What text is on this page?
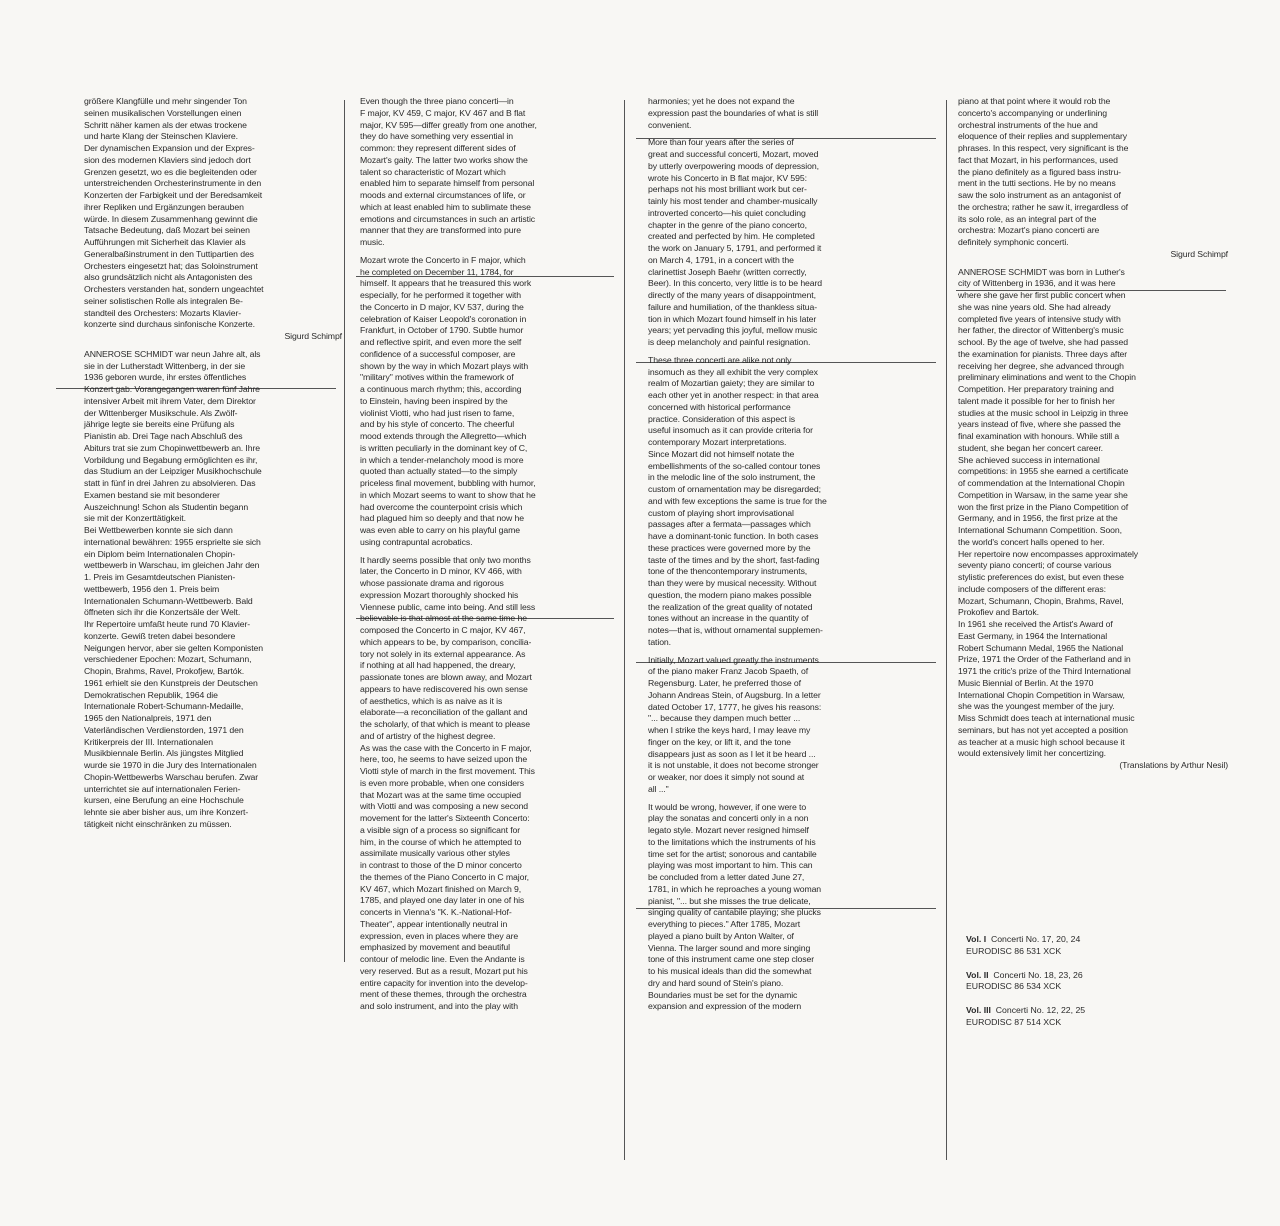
größere Klangfülle und mehr singender Ton

seinen musikalischen Vorstellungen einen

Schritt näher kamen als der etwas trockene

und harte Klang der Steinschen Klaviere.

Der dynamischen Expansion und der Expres-

sion des modernen Klaviers sind jedoch dort

Grenzen gesetzt, wo es die begleitenden oder

unterstreichenden Orchesterinstrumente in den

Konzerten der Farbigkeit und der Beredsamkeit

ihrer Repliken und Ergänzungen berauben

würde. In diesem Zusammenhang gewinnt die

Tatsache Bedeutung, daß Mozart bei seinen

Aufführungen mit Sicherheit das Klavier als

Generalbaßinstrument in den Tuttipartien des

Orchesters eingesetzt hat; das Soloinstrument

also grundsätzlich nicht als Antagonisten des

Orchesters verstanden hat, sondern ungeachtet

seiner solistischen Rolle als integralen Be-

standteil des Orchesters: Mozarts Klavier-

konzerte sind durchaus sinfonische Konzerte.

Sigurd Schimpf

ANNEROSE SCHMIDT war neun Jahre alt, als

sie in der Lutherstadt Wittenberg, in der sie

1936 geboren wurde, ihr erstes öffentliches

Konzert gab. Vorangegangen waren fünf Jahre

intensiver Arbeit mit ihrem Vater, dem Direktor

der Wittenberger Musikschule. Als Zwölf-

jährige legte sie bereits eine Prüfung als

Pianistin ab. Drei Tage nach Abschluß des

Abiturs trat sie zum Chopinwettbewerb an. Ihre

Vorbildung und Begabung ermöglichten es ihr,

das Studium an der Leipziger Musikhochschule

statt in fünf in drei Jahren zu absolvieren. Das

Examen bestand sie mit besonderer

Auszeichnung! Schon als Studentin begann

sie mit der Konzerttätigkeit.

Bei Wettbewerben konnte sie sich dann

international bewähren: 1955 ersprielte sie sich

ein Diplom beim Internationalen Chopin-

wettbewerb in Warschau, im gleichen Jahr den

1. Preis im Gesamtdeutschen Pianisten-

wettbewerb, 1956 den 1. Preis beim

Internationalen Schumann-Wettbewerb. Bald

öffneten sich ihr die Konzertsäle der Welt.

Ihr Repertoire umfaßt heute rund 70 Klavier-

konzerte. Gewiß treten dabei besondere

Neigungen hervor, aber sie gelten Komponisten

verschiedener Epochen: Mozart, Schumann,

Chopin, Brahms, Ravel, Prokofjew, Bartók.

1961 erhielt sie den Kunstpreis der Deutschen

Demokratischen Republik, 1964 die

Internationale Robert-Schumann-Medaille,

1965 den Nationalpreis, 1971 den

Vaterländischen Verdienstorden, 1971 den

Kritikerpreis der III. Internationalen

Musikbiennale Berlin. Als jüngstes Mitglied

wurde sie 1970 in die Jury des Internationalen

Chopin-Wettbewerbs Warschau berufen. Zwar

unterrichtet sie auf internationalen Ferien-

kursen, eine Berufung an eine Hochschule

lehnte sie aber bisher aus, um ihre Konzert-

tätigkeit nicht einschränken zu müssen.

Even though the three piano concerti—in

F major, KV 459, C major, KV 467 and B flat

major, KV 595—differ greatly from one another,

they do have something very essential in

common: they represent different sides of

Mozart's gaity. The latter two works show the

talent so characteristic of Mozart which

enabled him to separate himself from personal

moods and external circumstances of life, or

which at least enabled him to sublimate these

emotions and circumstances in such an artistic

manner that they are transformed into pure

music.

Mozart wrote the Concerto in F major, which

he completed on December 11, 1784, for

himself. It appears that he treasured this work

especially, for he performed it together with

the Concerto in D major, KV 537, during the

celebration of Kaiser Leopold's coronation in

Frankfurt, in October of 1790. Subtle humor

and reflective spirit, and even more the self

confidence of a successful composer, are

shown by the way in which Mozart plays with

"military" motives within the framework of

a continuous march rhythm; this, according

to Einstein, having been inspired by the

violinist Viotti, who had just risen to fame,

and by his style of concerto. The cheerful

mood extends through the Allegretto—which

is written peculiarly in the dominant key of C,

in which a tender-melancholy mood is more

quoted than actually stated—to the simply

priceless final movement, bubbling with humor,

in which Mozart seems to want to show that he

had overcome the counterpoint crisis which

had plagued him so deeply and that now he

was even able to carry on his playful game

using contrapuntal acrobatics.

It hardly seems possible that only two months

later, the Concerto in D minor, KV 466, with

whose passionate drama and rigorous

expression Mozart thoroughly shocked his

Viennese public, came into being. And still less

believable is that almost at the same time he

composed the Concerto in C major, KV 467,

which appears to be, by comparison, concilia-

tory not solely in its external appearance. As

if nothing at all had happened, the dreary,

passionate tones are blown away, and Mozart

appears to have rediscovered his own sense

of aesthetics, which is as naive as it is

elaborate—a reconciliation of the gallant and

the scholarly, of that which is meant to please

and of artistry of the highest degree.

As was the case with the Concerto in F major,

here, too, he seems to have seized upon the

Viotti style of march in the first movement. This

is even more probable, when one considers

that Mozart was at the same time occupied

with Viotti and was composing a new second

movement for the latter's Sixteenth Concerto:

a visible sign of a process so significant for

him, in the course of which he attempted to

assimilate musically various other styles

in contrast to those of the D minor concerto

the themes of the Piano Concerto in C major,

KV 467, which Mozart finished on March 9,

1785, and played one day later in one of his

concerts in Vienna's "K. K.-National-Hof-

Theater", appear intentionally neutral in

expression, even in places where they are

emphasized by movement and beautiful

contour of melodic line. Even the Andante is

very reserved. But as a result, Mozart put his

entire capacity for invention into the develop-

ment of these themes, through the orchestra

and solo instrument, and into the play with

harmonies; yet he does not expand the

expression past the boundaries of what is still

convenient.

More than four years after the series of

great and successful concerti, Mozart, moved

by utterly overpowering moods of depression,

wrote his Concerto in B flat major, KV 595:

perhaps not his most brilliant work but cer-

tainly his most tender and chamber-musically

introverted concerto—his quiet concluding

chapter in the genre of the piano concerto,

created and perfected by him. He completed

the work on January 5, 1791, and performed it

on March 4, 1791, in a concert with the

clarinettist Joseph Baehr (written correctly,

Beer). In this concerto, very little is to be heard

directly of the many years of disappointment,

failure and humiliation, of the thankless situa-

tion in which Mozart found himself in his later

years; yet pervading this joyful, mellow music

is deep melancholy and painful resignation.

These three concerti are alike not only

insomuch as they all exhibit the very complex

realm of Mozartian gaiety; they are similar to

each other yet in another respect: in that area

concerned with historical performance

practice. Consideration of this aspect is

useful insomuch as it can provide criteria for

contemporary Mozart interpretations.

Since Mozart did not himself notate the

embellishments of the so-called contour tones

in the melodic line of the solo instrument, the

custom of ornamentation may be disregarded;

and with few exceptions the same is true for the

custom of playing short improvisational

passages after a fermata—passages which

have a dominant-tonic function. In both cases

these practices were governed more by the

taste of the times and by the short, fast-fading

tone of the thencontemporary instruments,

than they were by musical necessity. Without

question, the modern piano makes possible

the realization of the great quality of notated

tones without an increase in the quantity of

notes—that is, without ornamental supplemen-

tation.

Initially, Mozart valued greatly the instruments

of the piano maker Franz Jacob Spaeth, of

Regensburg. Later, he preferred those of

Johann Andreas Stein, of Augsburg. In a letter

dated October 17, 1777, he gives his reasons:

"... because they dampen much better ...

when I strike the keys hard, I may leave my

finger on the key, or lift it, and the tone

disappears just as soon as I let it be heard ...

it is not unstable, it does not become stronger

or weaker, nor does it simply not sound at

all ..."

It would be wrong, however, if one were to

play the sonatas and concerti only in a non

legato style. Mozart never resigned himself

to the limitations which the instruments of his

time set for the artist; sonorous and cantabile

playing was most important to him. This can

be concluded from a letter dated June 27,

1781, in which he reproaches a young woman

pianist, "... but she misses the true delicate,

singing quality of cantabile playing; she plucks

everything to pieces." After 1785, Mozart

played a piano built by Anton Walter, of

Vienna. The larger sound and more singing

tone of this instrument came one step closer

to his musical ideals than did the somewhat

dry and hard sound of Stein's piano.

Boundaries must be set for the dynamic

expansion and expression of the modern

piano at that point where it would rob the

concerto's accompanying or underlining

orchestral instruments of the hue and

eloquence of their replies and supplementary

phrases. In this respect, very significant is the

fact that Mozart, in his performances, used

the piano definitely as a figured bass instru-

ment in the tutti sections. He by no means

saw the solo instrument as an antagonist of

the orchestra; rather he saw it, irregardless of

its solo role, as an integral part of the

orchestra: Mozart's piano concerti are

definitely symphonic concerti.

Sigurd Schimpf

ANNEROSE SCHMIDT was born in Luther's

city of Wittenberg in 1936, and it was here

where she gave her first public concert when

she was nine years old. She had already

completed five years of intensive study with

her father, the director of Wittenberg's music

school. By the age of twelve, she had passed

the examination for pianists. Three days after

receiving her degree, she advanced through

preliminary eliminations and went to the Chopin

Competition. Her preparatory training and

talent made it possible for her to finish her

studies at the music school in Leipzig in three

years instead of five, where she passed the

final examination with honours. While still a

student, she began her concert career.

She achieved success in international

competitions: in 1955 she earned a certificate

of commendation at the International Chopin

Competition in Warsaw, in the same year she

won the first prize in the Piano Competition of

Germany, and in 1956, the first prize at the

International Schumann Competition. Soon,

the world's concert halls opened to her.

Her repertoire now encompasses approximately

seventy piano concerti; of course various

stylistic preferences do exist, but even these

include composers of the different eras:

Mozart, Schumann, Chopin, Brahms, Ravel,

Prokofiev and Bartok.

In 1961 she received the Artist's Award of

East Germany, in 1964 the International

Robert Schumann Medal, 1965 the National

Prize, 1971 the Order of the Fatherland and in

1971 the critic's prize of the Third International

Music Biennial of Berlin. At the 1970

International Chopin Competition in Warsaw,

she was the youngest member of the jury.

Miss Schmidt does teach at international music

seminars, but has not yet accepted a position

as teacher at a music high school because it

would extensively limit her concertizing.

(Translations by Arthur Nesil)

Vol. I Concerti No. 17, 20, 24
EURODISC 86 531 XCK
Vol. II Concerti No. 18, 23, 26
EURODISC 86 534 XCK
Vol. III Concerti No. 12, 22, 25
EURODISC 87 514 XCK
